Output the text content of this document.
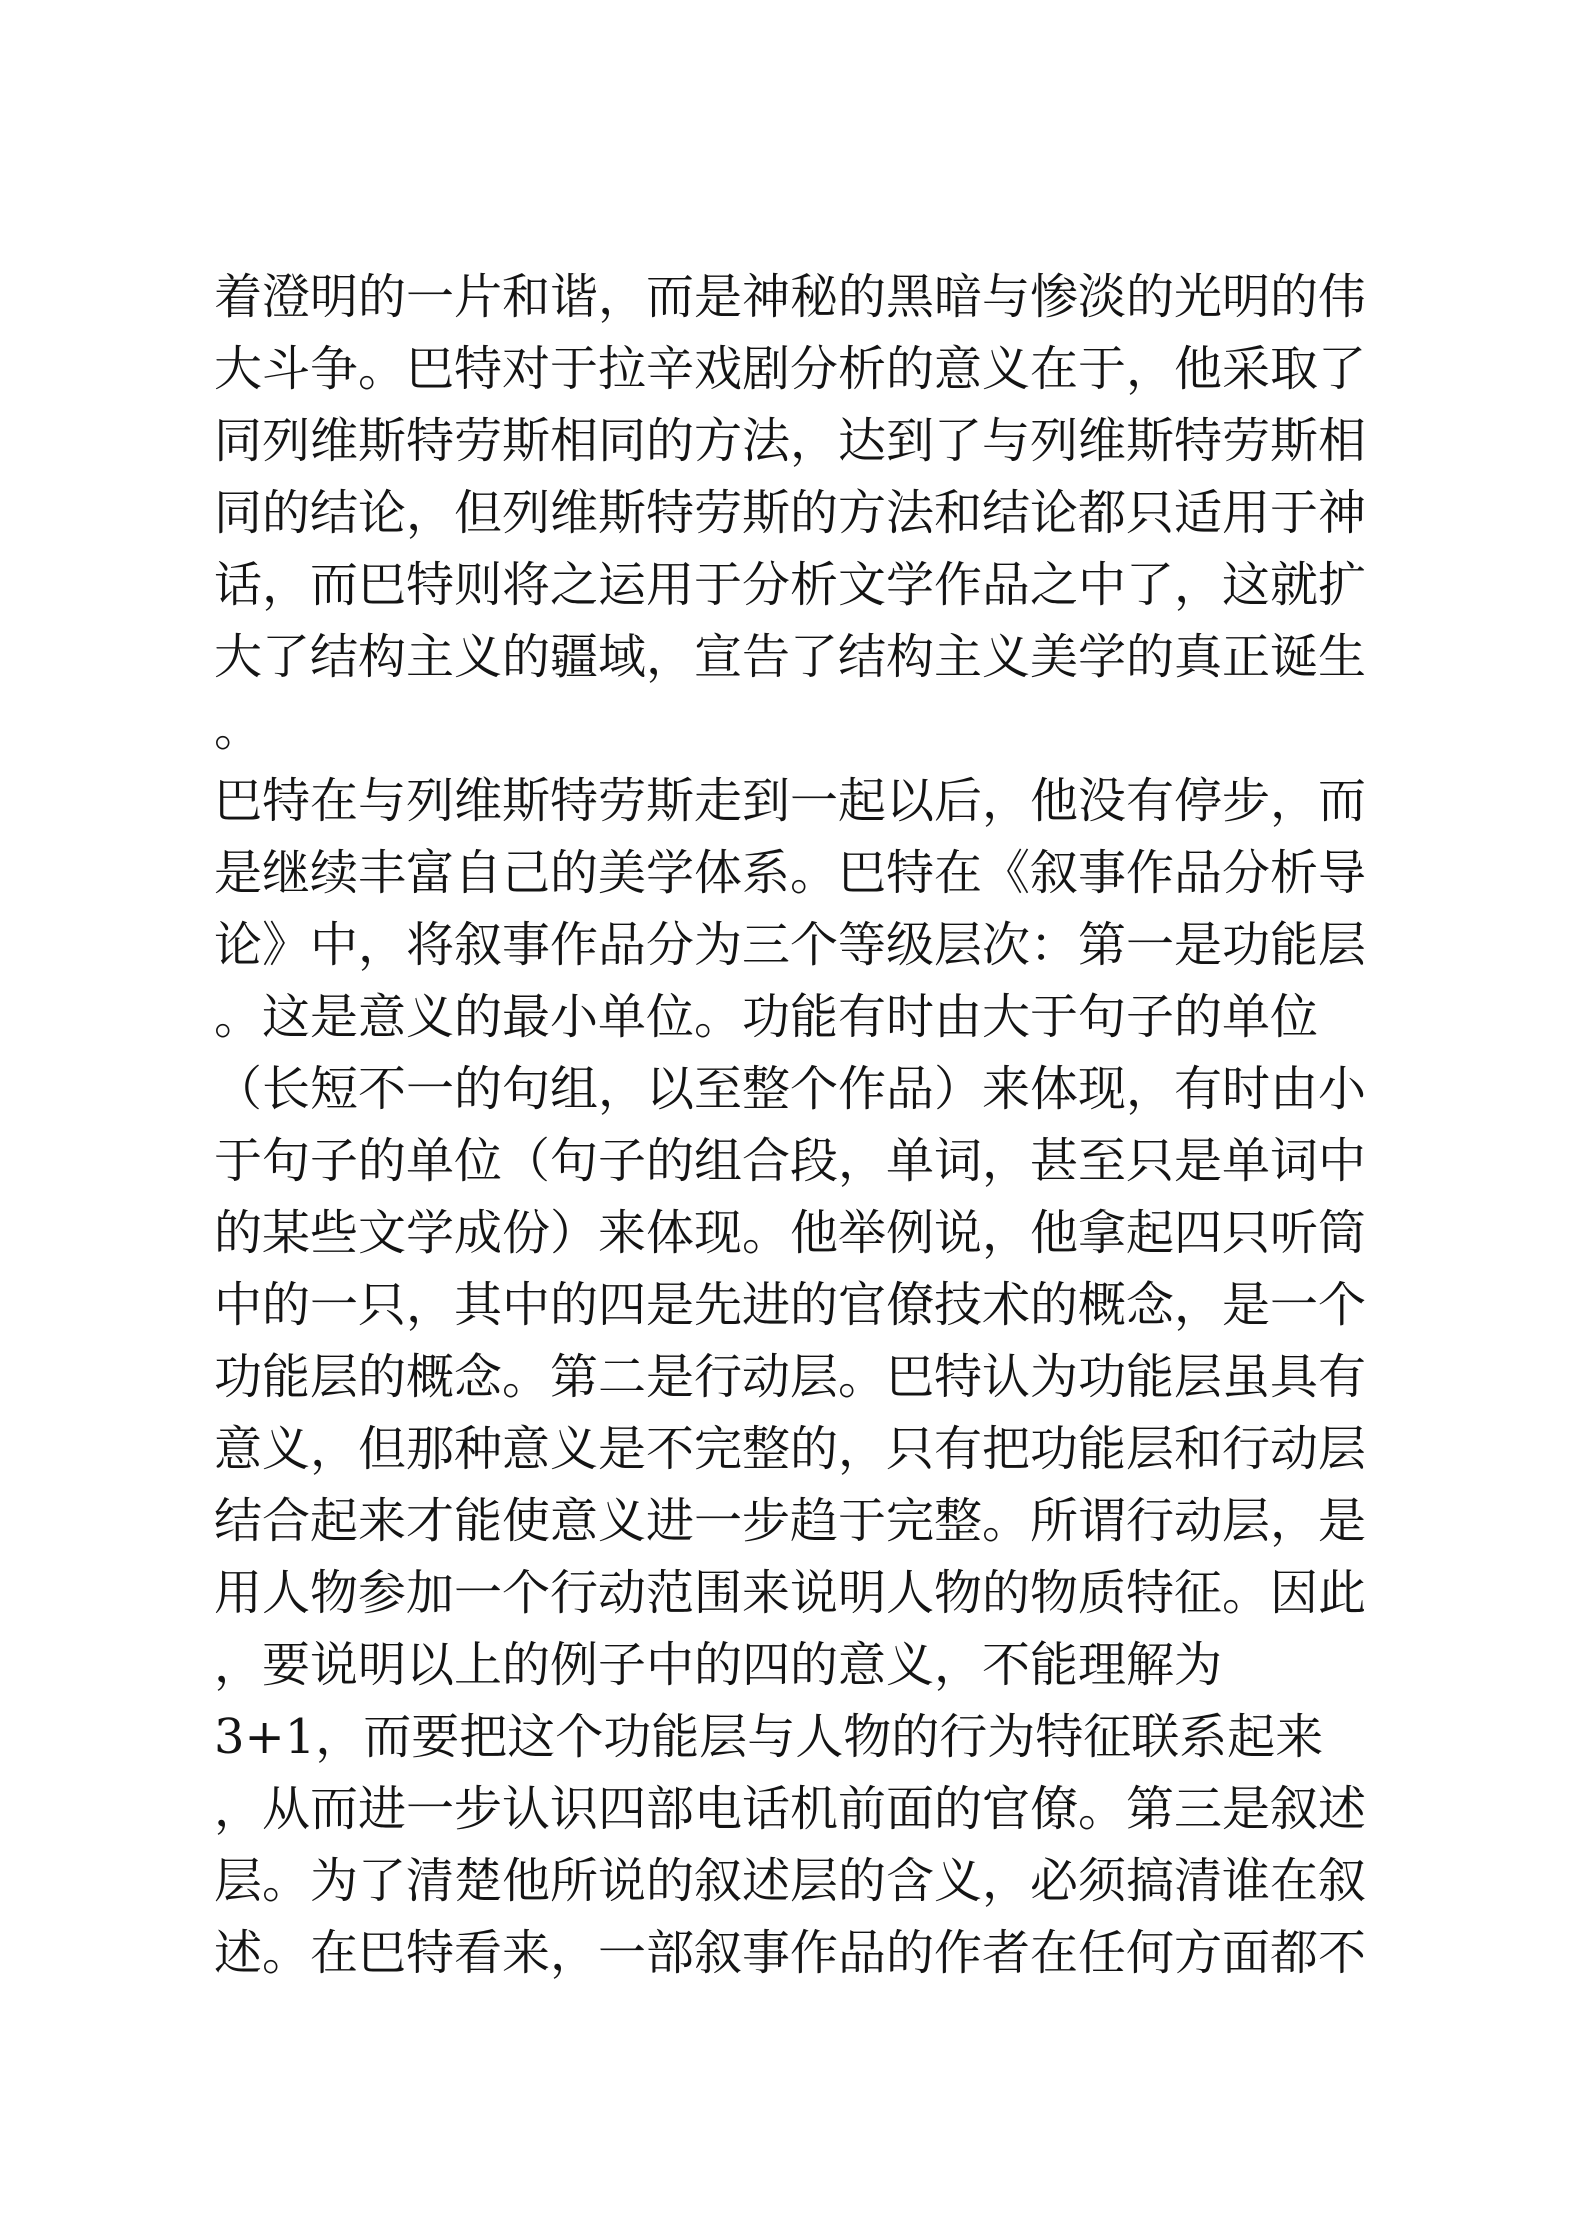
着澄明的一片和谐，而是神秘的黑暗与惨淡的光明的伟
大斗争。巴特对于拉辛戏剧分析的意义在于，他采取了
同列维斯特劳斯相同的方法，达到了与列维斯特劳斯相
同的结论，但列维斯特劳斯的方法和结论都只适用于神
话，而巴特则将之运用于分析文学作品之中了，这就扩
大了结构主义的疆域，宣告了结构主义美学的真正诞生
。
巴特在与列维斯特劳斯走到一起以后，他没有停步，而
是继续丰富自己的美学体系。巴特在《叙事作品分析导
论》中，将叙事作品分为三个等级层次：第一是功能层
。这是意义的最小单位。功能有时由大于句子的单位
（长短不一的句组，以至整个作品）来体现，有时由小
于句子的单位（句子的组合段，单词，甚至只是单词中
的某些文学成份）来体现。他举例说，他拿起四只听筒
中的一只，其中的四是先进的官僚技术的概念，是一个
功能层的概念。第二是行动层。巴特认为功能层虽具有
意义，但那种意义是不完整的，只有把功能层和行动层
结合起来才能使意义进一步趋于完整。所谓行动层，是
用人物参加一个行动范围来说明人物的物质特征。因此
，要说明以上的例子中的四的意义，不能理解为
3+1，而要把这个功能层与人物的行为特征联系起来
，从而进一步认识四部电话机前面的官僚。第三是叙述
层。为了清楚他所说的叙述层的含义，必须搞清谁在叙
述。在巴特看来，一部叙事作品的作者在任何方面都不
